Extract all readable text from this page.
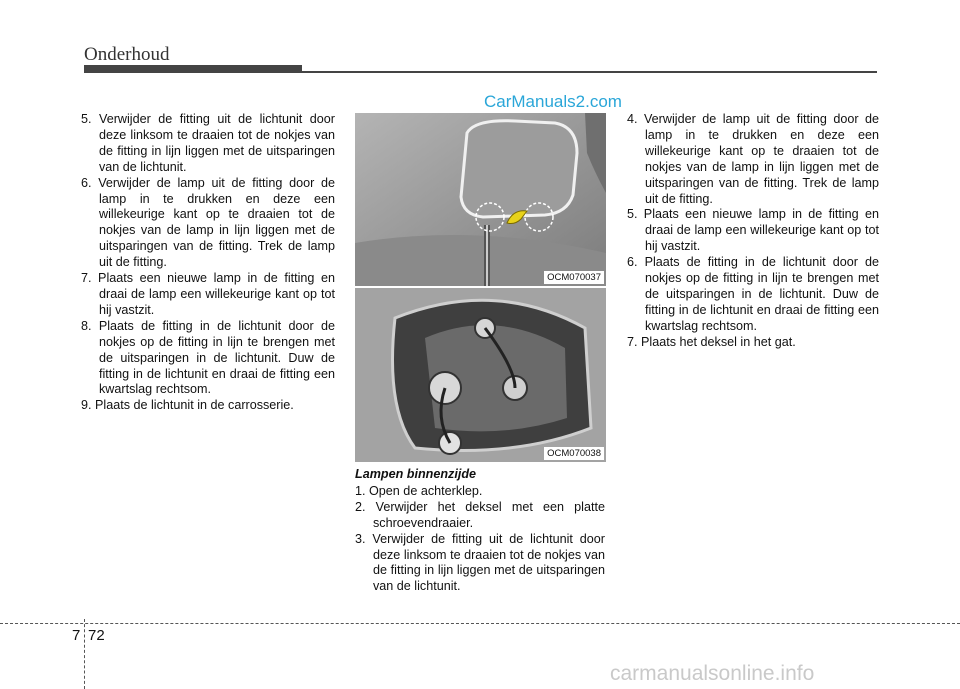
Onderhoud
CarManuals2.com
5. Verwijder de fitting uit de lichtunit door deze linksom te draaien tot de nokjes van de fitting in lijn liggen met de uitsparingen van de lichtunit.
6. Verwijder de lamp uit de fitting door de lamp in te drukken en deze een willekeurige kant op te draaien tot de nokjes van de lamp in lijn liggen met de uitsparingen van de fitting. Trek de lamp uit de fitting.
7. Plaats een nieuwe lamp in de fitting en draai de lamp een willekeurige kant op tot hij vastzit.
8. Plaats de fitting in de lichtunit door de nokjes op de fitting in lijn te brengen met de uitsparingen in de lichtunit. Duw de fitting in de lichtunit en draai de fitting een kwartslag rechtsom.
9. Plaats de lichtunit in de carrosserie.
OCM070037
OCM070038
Lampen binnenzijde
1. Open de achterklep.
2. Verwijder het deksel met een platte schroevendraaier.
3. Verwijder de fitting uit de lichtunit door deze linksom te draaien tot de nokjes van de fitting in lijn liggen met de uitsparingen van de lichtunit.
4. Verwijder de lamp uit de fitting door de lamp in te drukken en deze een willekeurige kant op te draaien tot de nokjes van de lamp in lijn liggen met de uitsparingen van de fitting. Trek de lamp uit de fitting.
5. Plaats een nieuwe lamp in de fitting en draai de lamp een willekeurige kant op tot hij vastzit.
6. Plaats de fitting in de lichtunit door de nokjes op de fitting in lijn te brengen met de uitsparingen in de lichtunit. Duw de fitting in de lichtunit en draai de fitting een kwartslag rechtsom.
7. Plaats het deksel in het gat.
7 72
carmanualsonline.info
